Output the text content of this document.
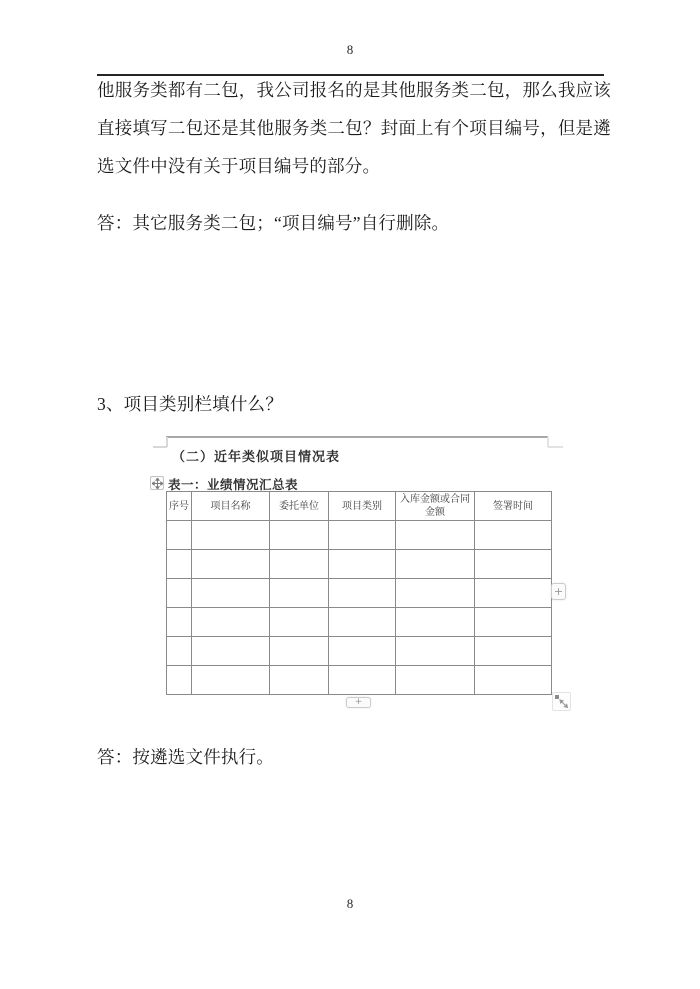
8
他服务类都有二包，我公司报名的是其他服务类二包，那么我应该直接填写二包还是其他服务类二包？封面上有个项目编号，但是遴选文件中没有关于项目编号的部分。
答：其它服务类二包；“项目编号”自行删除。
3、项目类别栏填什么？
（二）近年类似项目情况表
表一：业绩情况汇总表
序号	项目名称	委托单位	项目类别	入库金额或合同金额	签署时间

+
+
答：按遴选文件执行。
8
